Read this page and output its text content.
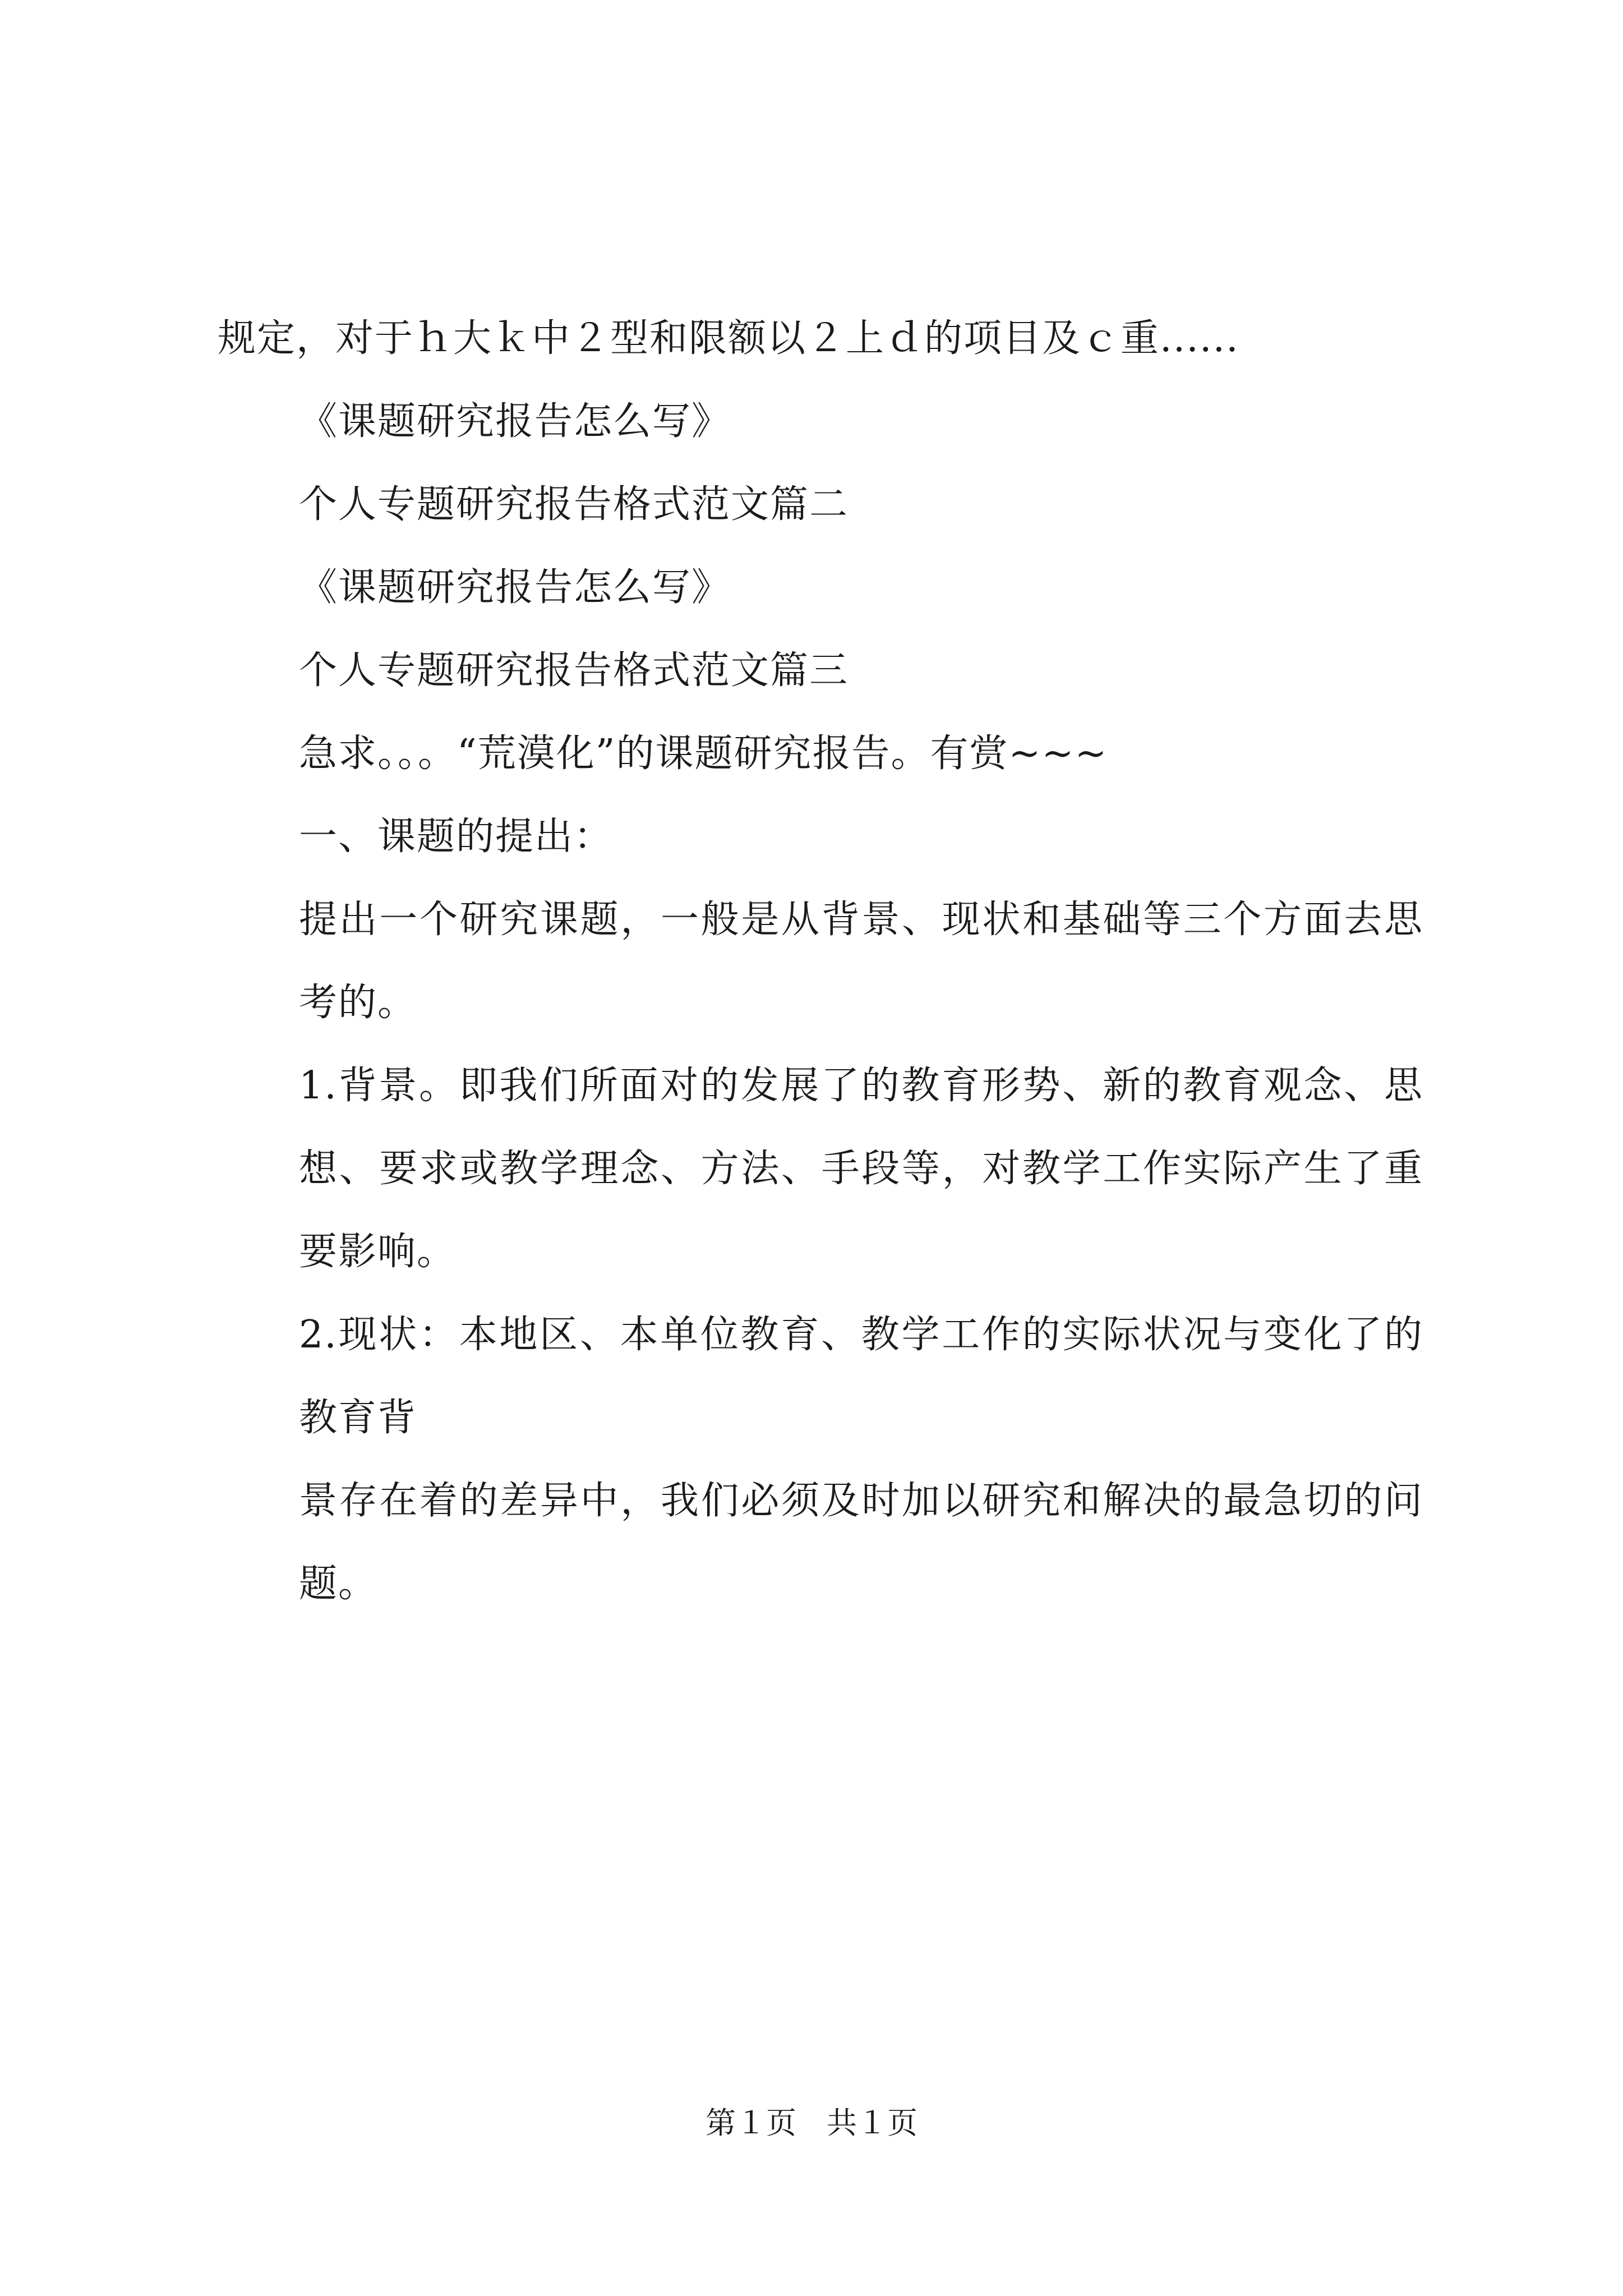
规定，对于ｈ大ｋ中２型和限额以２上ｄ的项目及ｃ重......
《课题研究报告怎么写》
个人专题研究报告格式范文篇二
《课题研究报告怎么写》
个人专题研究报告格式范文篇三
急求。。。“荒漠化”的课题研究报告。有赏~~~
一、课题的提出：
提出一个研究课题，一般是从背景、现状和基础等三个方面去思考的。
1.背景。即我们所面对的发展了的教育形势、新的教育观念、思想、要求或教学理念、方法、手段等，对教学工作实际产生了重要影响。
2.现状：本地区、本单位教育、教学工作的实际状况与变化了的教育背
景存在着的差异中，我们必须及时加以研究和解决的最急切的问题。
第１页　共１页
